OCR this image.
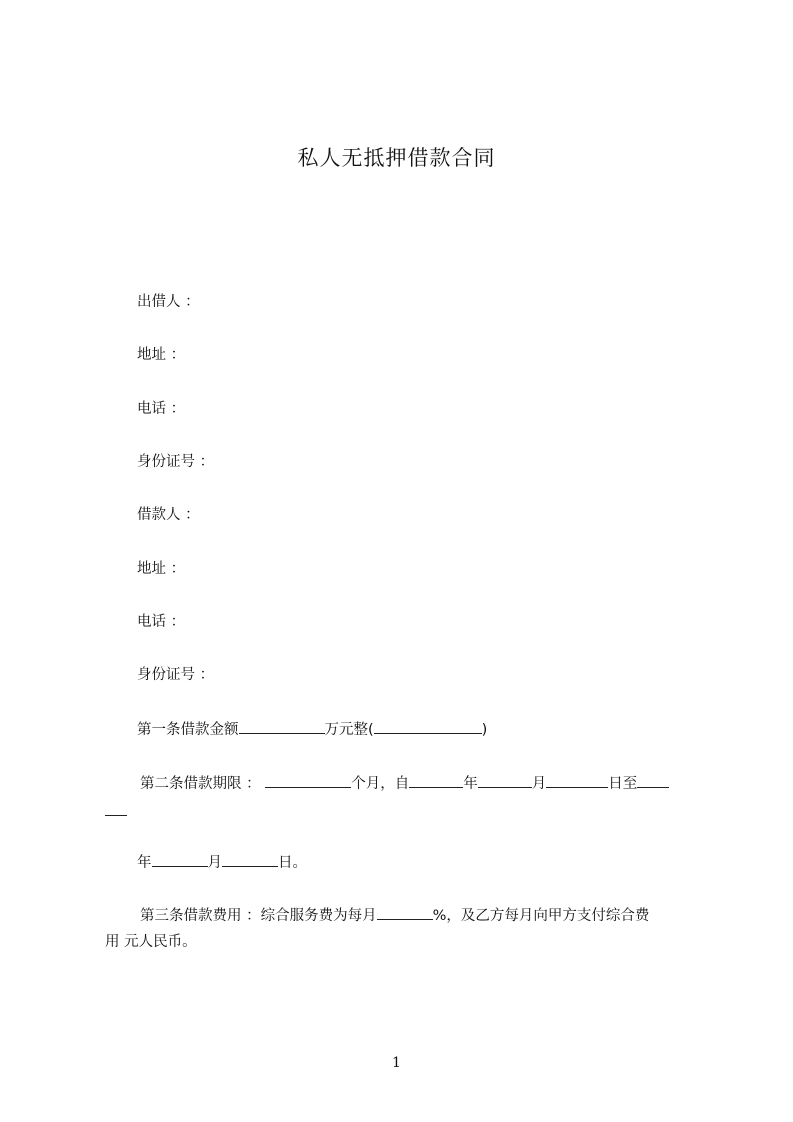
私人无抵押借款合同
出借人 ：
地址 ：
电话 ：
身份证号 ：
借款人 ：
地址 ：
电话 ：
身份证号 ：
第一条借款金额	万元整(	)
第二条借款期限 ：	个月，自	年	月	日至
年	月	日。
第三条借款费用 ：综合服务费为每月	%，及乙方每月向甲方支付综合费
用 元人民币。
1
